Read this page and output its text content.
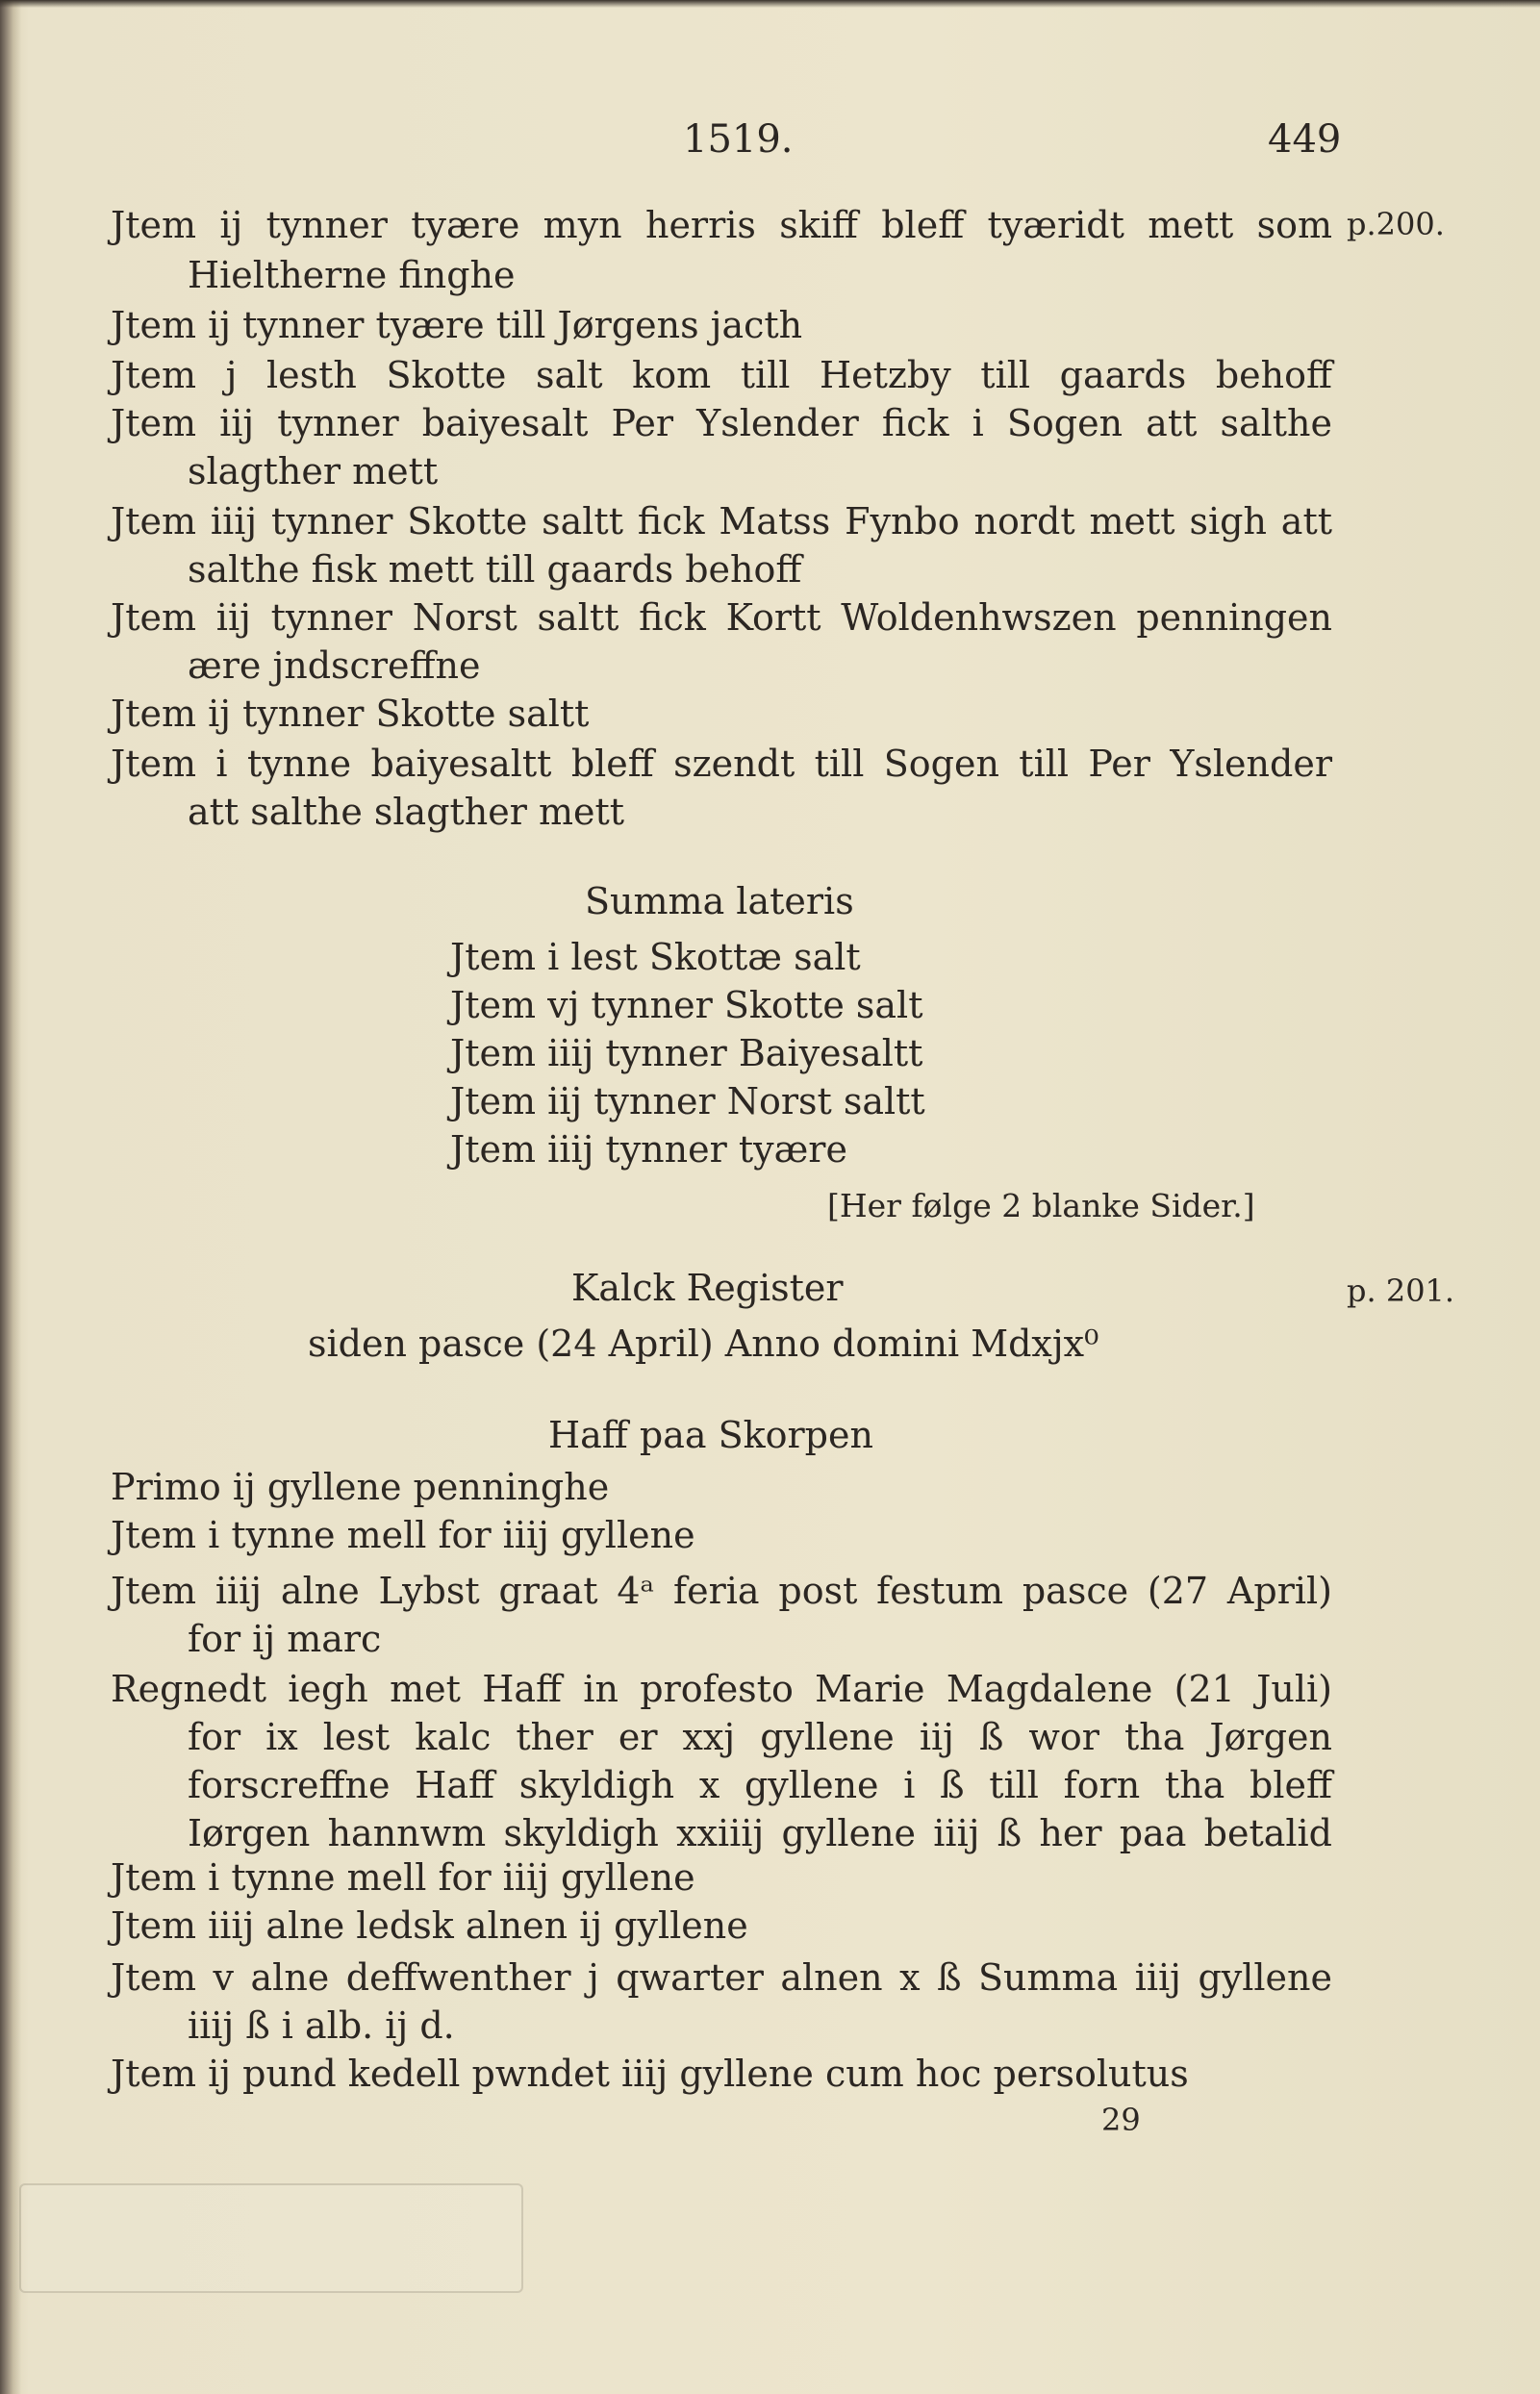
1519.	449
p.200.
Jtem ij tynner tyære myn herris skiff bleff tyæridt mett som
Hieltherne finghe
Jtem ij tynner tyære till Jørgens jacth
Jtem j lesth Skotte salt kom till Hetzby till gaards behoff
Jtem iij tynner baiyesalt Per Yslender fick i Sogen att salthe
slagther mett
Jtem iiij tynner Skotte saltt fick Matss Fynbo nordt mett sigh att
salthe fisk mett till gaards behoff
Jtem iij tynner Norst saltt fick Kortt Woldenhwszen penningen
ære jndscreffne
Jtem ij tynner Skotte saltt
Jtem i tynne baiyesaltt bleff szendt till Sogen till Per Yslender
att salthe slagther mett
Summa lateris
Jtem i lest Skottæ salt
Jtem vj tynner Skotte salt
Jtem iiij tynner Baiyesaltt
Jtem iij tynner Norst saltt
Jtem iiij tynner tyære
[Her følge 2 blanke Sider.]
Kalck Register	p. 201.
siden pasce (24 April) Anno domini Mdxjx⁰
Haff paa Skorpen
Primo ij gyllene penninghe
Jtem i tynne mell for iiij gyllene
Jtem iiij alne Lybst graat 4ᵃ feria post festum pasce (27 April)
for ij marc
Regnedt iegh met Haff in profesto Marie Magdalene (21 Juli)
for ix lest kalc ther er xxj gyllene iij ß wor tha Jørgen
forscreffne Haff skyldigh x gyllene i ß till forn tha bleff
Iørgen hannwm skyldigh xxiiij gyllene iiij ß her paa betalid
Jtem i tynne mell for iiij gyllene
Jtem iiij alne ledsk alnen ij gyllene
Jtem v alne deffwenther j qwarter alnen x ß Summa iiij gyllene
iiij ß i alb. ij d.
Jtem ij pund kedell pwndet iiij gyllene cum hoc persolutus
29
